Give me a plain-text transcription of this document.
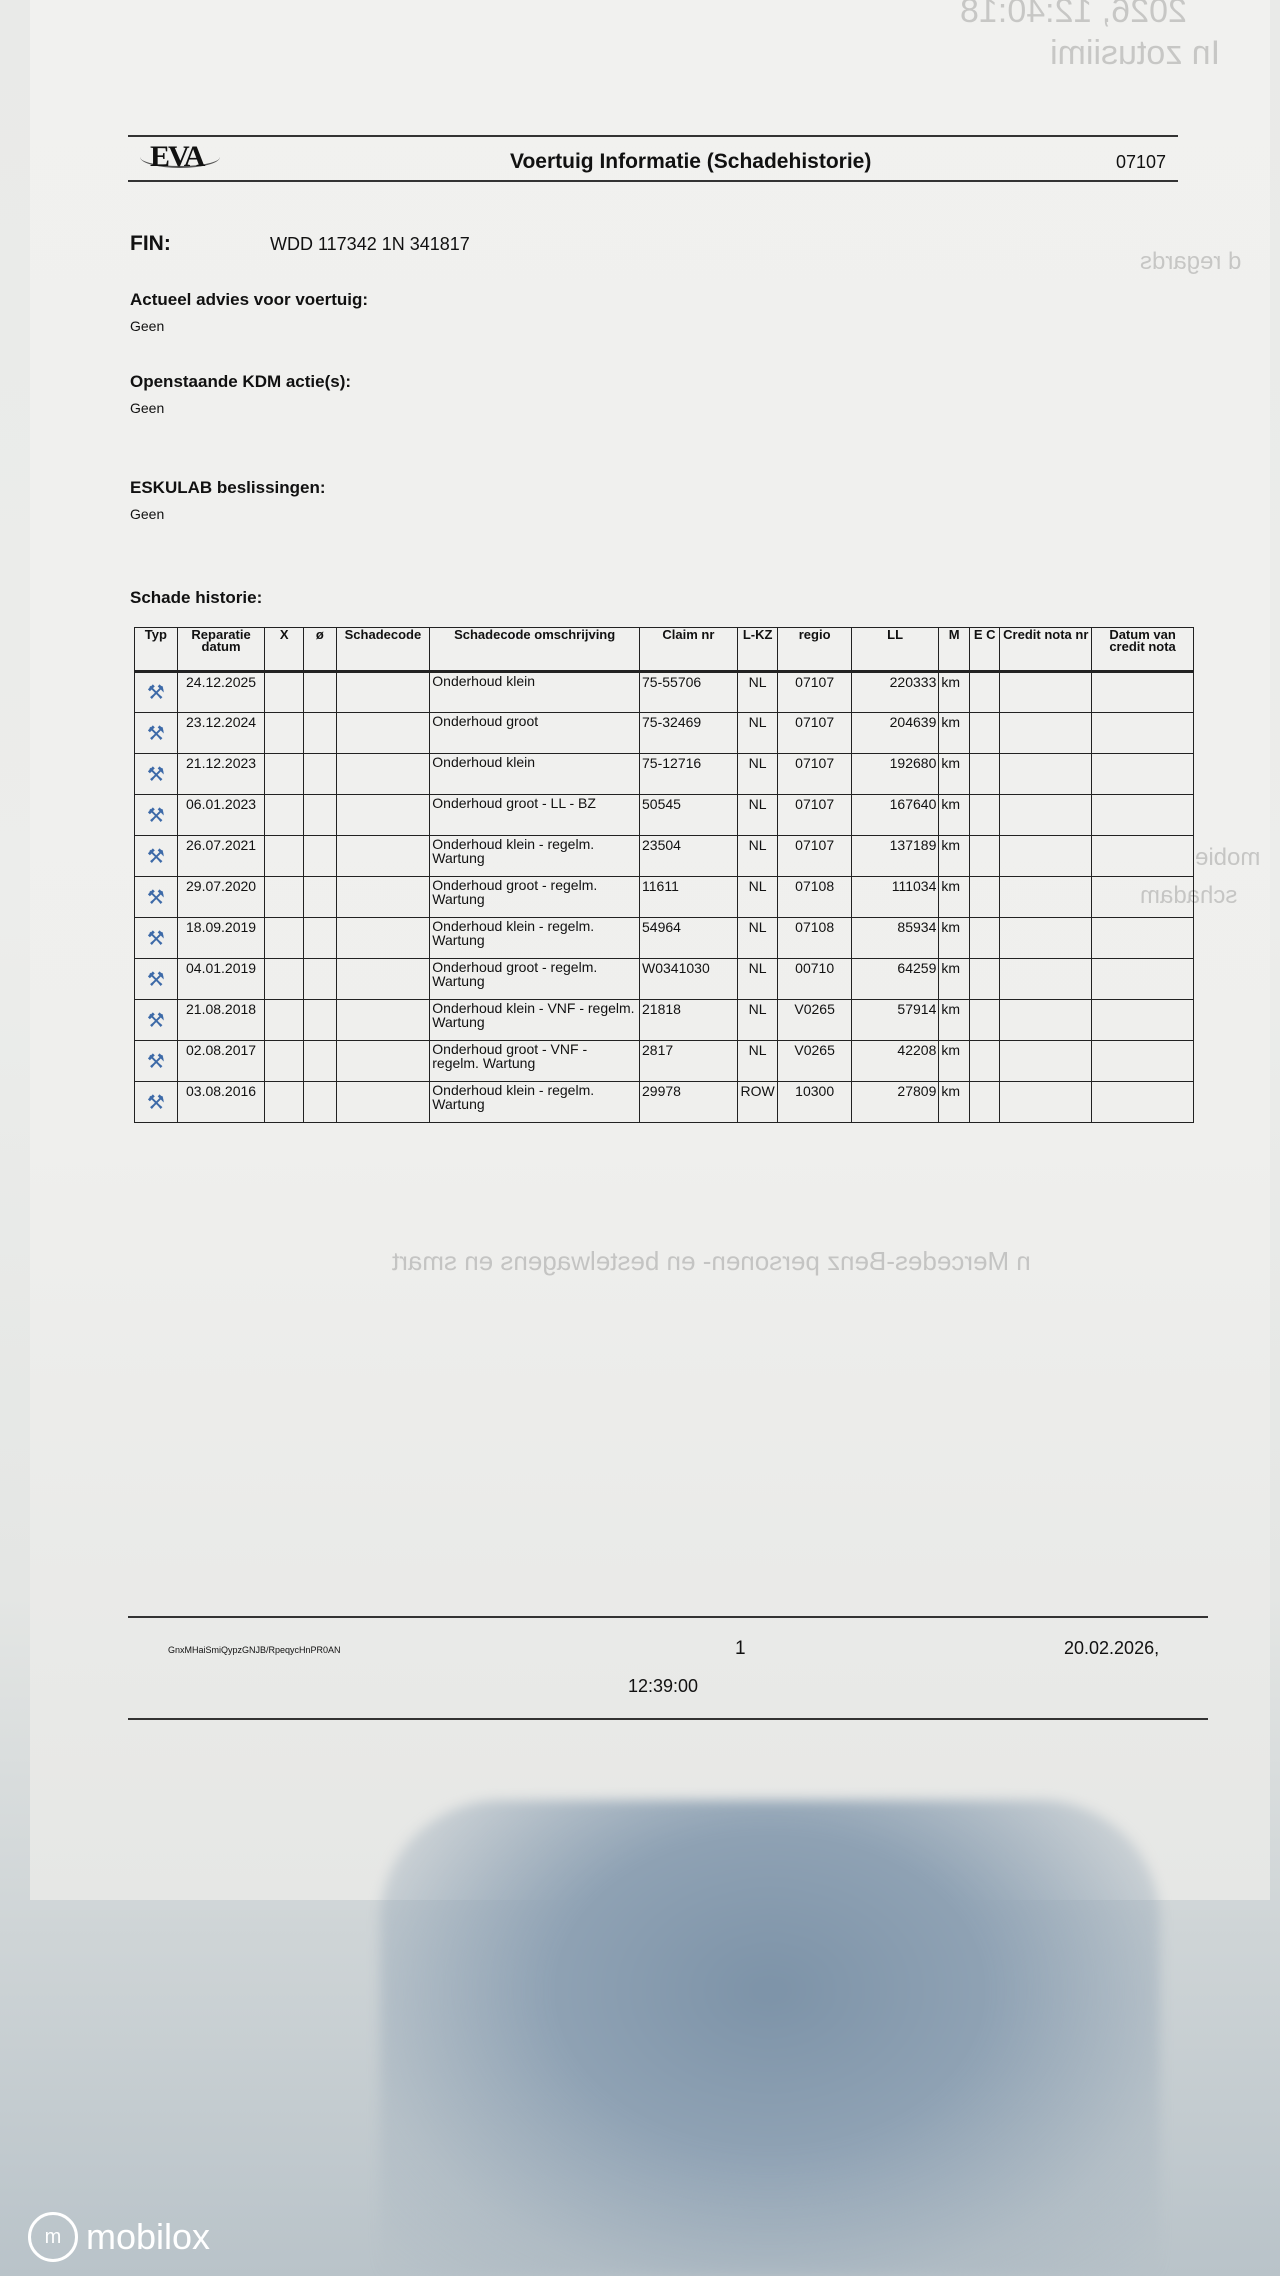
2026, 12:40:18
In zotusiimi
d regards
mobie
schadam
n Mercedes-Benz personen- en bestelwagens en smart
EVA	Voertuig Informatie (Schadehistorie)	07107
FIN:	WDD 117342 1N 341817
Actueel advies voor voertuig:
Geen
Openstaande KDM actie(s):
Geen
ESKULAB beslissingen:
Geen
Schade historie:
Typ	Reparatie datum	X	ø	Schadecode	Schadecode omschrijving	Claim nr	L-KZ	regio	LL	M	E C	Credit nota nr	Datum van credit nota
⚒	24.12.2025				Onderhoud klein	75-55706	NL	07107	220333	km			
⚒	23.12.2024				Onderhoud groot	75-32469	NL	07107	204639	km			
⚒	21.12.2023				Onderhoud klein	75-12716	NL	07107	192680	km			
⚒	06.01.2023				Onderhoud groot - LL - BZ	50545	NL	07107	167640	km			
⚒	26.07.2021				Onderhoud klein - regelm. Wartung	23504	NL	07107	137189	km			
⚒	29.07.2020				Onderhoud groot - regelm. Wartung	11611	NL	07108	111034	km			
⚒	18.09.2019				Onderhoud klein - regelm. Wartung	54964	NL	07108	85934	km			
⚒	04.01.2019				Onderhoud groot - regelm. Wartung	W0341030	NL	00710	64259	km			
⚒	21.08.2018				Onderhoud klein - VNF - regelm. Wartung	21818	NL	V0265	57914	km			
⚒	02.08.2017				Onderhoud groot - VNF - regelm. Wartung	2817	NL	V0265	42208	km			
⚒	03.08.2016				Onderhoud klein - regelm. Wartung	29978	ROW	10300	27809	km			
GnxMHaiSmiQypzGNJB/RpeqycHnPR0AN	1	20.02.2026,
12:39:00
m mobilox
